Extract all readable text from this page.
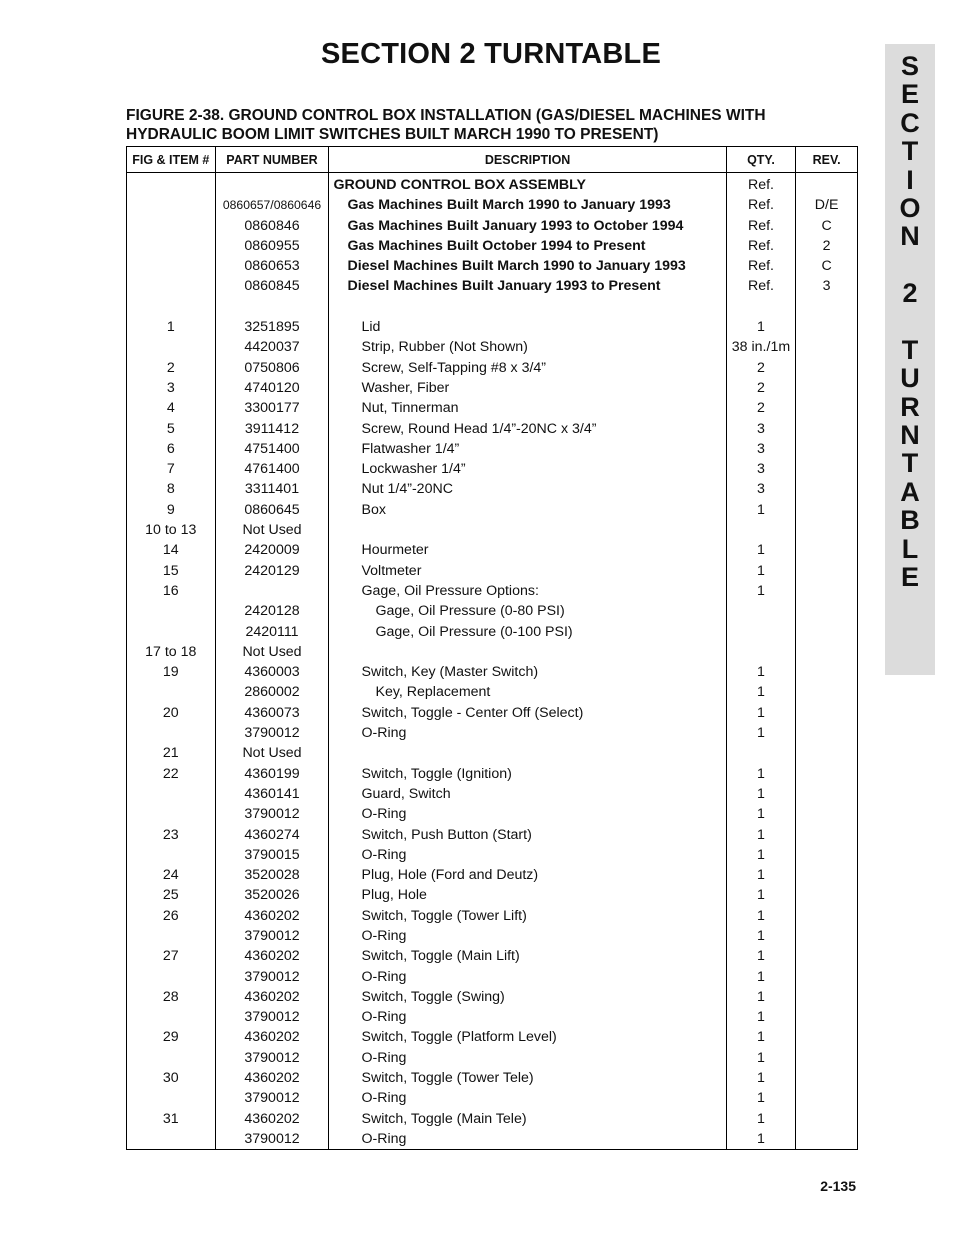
SECTION 2 TURNTABLE	S
E
C
T
I
O
N

2

T
U
R
N
T
A
B
L
E
FIGURE 2-38. GROUND CONTROL BOX INSTALLATION (GAS/DIESEL MACHINES WITH
HYDRAULIC BOOM LIMIT SWITCHES BUILT MARCH 1990 TO PRESENT)
FIG & ITEM #	PART NUMBER	DESCRIPTION	QTY.	REV.
		GROUND CONTROL BOX ASSEMBLY	Ref.	
	0860657/0860646	Gas Machines Built March 1990 to January 1993	Ref.	D/E
	0860846	Gas Machines Built January 1993 to October 1994	Ref.	C
	0860955	Gas Machines Built October 1994 to Present	Ref.	2
	0860653	Diesel Machines Built March 1990 to January 1993	Ref.	C
	0860845	Diesel Machines Built January 1993 to Present	Ref.	3

1	3251895	Lid	1	
	4420037	Strip, Rubber (Not Shown)	38 in./1m	
2	0750806	Screw, Self-Tapping #8 x 3/4”	2	
3	4740120	Washer, Fiber	2	
4	3300177	Nut, Tinnerman	2	
5	3911412	Screw, Round Head 1/4”-20NC x 3/4”	3	
6	4751400	Flatwasher 1/4”	3	
7	4761400	Lockwasher 1/4”	3	
8	3311401	Nut 1/4”-20NC	3	
9	0860645	Box	1	
10 to 13	Not Used			
14	2420009	Hourmeter	1	
15	2420129	Voltmeter	1	
16		Gage, Oil Pressure Options:	1	
	2420128	Gage, Oil Pressure (0-80 PSI)		
	2420111	Gage, Oil Pressure (0-100 PSI)		
17 to 18	Not Used			
19	4360003	Switch, Key (Master Switch)	1	
	2860002	Key, Replacement	1	
20	4360073	Switch, Toggle - Center Off (Select)	1	
	3790012	O-Ring	1	
21	Not Used			
22	4360199	Switch, Toggle (Ignition)	1	
	4360141	Guard, Switch	1	
	3790012	O-Ring	1	
23	4360274	Switch, Push Button (Start)	1	
	3790015	O-Ring	1	
24	3520028	Plug, Hole (Ford and Deutz)	1	
25	3520026	Plug, Hole	1	
26	4360202	Switch, Toggle (Tower Lift)	1	
	3790012	O-Ring	1	
27	4360202	Switch, Toggle (Main Lift)	1	
	3790012	O-Ring	1	
28	4360202	Switch, Toggle (Swing)	1	
	3790012	O-Ring	1	
29	4360202	Switch, Toggle (Platform Level)	1	
	3790012	O-Ring	1	
30	4360202	Switch, Toggle (Tower Tele)	1	
	3790012	O-Ring	1	
31	4360202	Switch, Toggle (Main Tele)	1	
	3790012	O-Ring	1	

2-135
